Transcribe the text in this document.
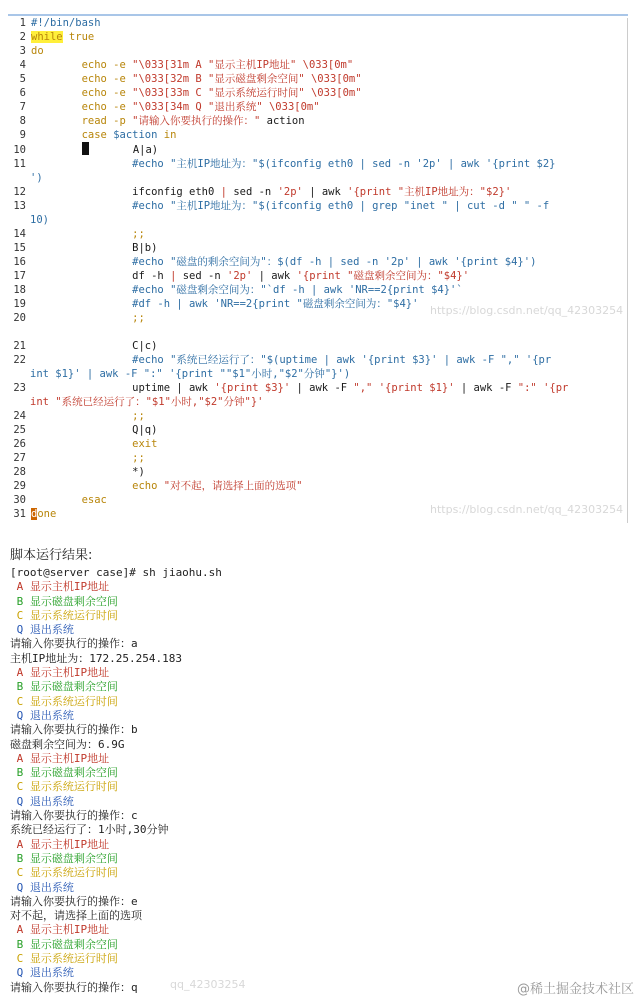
1 #!/bin/bash
2 while true
3 do
4        echo -e "\033[31m A "显示主机IP地址" \033[0m"
5        echo -e "\033[32m B "显示磁盘剩余空间" \033[0m"
6        echo -e "\033[33m C "显示系统运行时间" \033[0m"
7        echo -e "\033[34m Q "退出系统" \033[0m"
8        read -p "请输入你要执行的操作：" action
9        case $action in
10	A|a)
11                #echo "主机IP地址为："$(ifconfig eth0 | sed -n '2p' | awk '{print $2}
')
12                ifconfig eth0 | sed -n '2p' | awk '{print "主机IP地址为："$2}'
13                #echo "主机IP地址为："$(ifconfig eth0 | grep "inet " | cut -d " " -f
10)
14                ;;
15                B|b)
16                #echo "磁盘的剩余空间为"：$(df -h | sed -n '2p' | awk '{print $4}')
17                df -h | sed -n '2p' | awk '{print "磁盘剩余空间为："$4}'
18                #echo "磁盘剩余空间为："`df -h | awk 'NR==2{print $4}'`
19                #df -h | awk 'NR==2{print "磁盘剩余空间为："$4}'
20                ;;
21                C|c)
22                #echo "系统已经运行了："$(uptime | awk '{print $3}' | awk -F "," '{pr
int $1}' | awk -F ":" '{print ""$1"小时,"$2"分钟"}')
23                uptime | awk '{print $3}' | awk -F "," '{print $1}' | awk -F ":" '{pr
int "系统已经运行了："$1"小时,"$2"分钟"}'
24                ;;
25                Q|q)
26                exit
27                ;;
28                *)
29                echo "对不起，请选择上面的选项"
30        esac
31 done
https://blog.csdn.net/qq_42303254
https://blog.csdn.net/qq_42303254
脚本运行结果:
[root@server case]# sh jiaohu.sh
A 显示主机IP地址
B 显示磁盘剩余空间
C 显示系统运行时间
Q 退出系统
请输入你要执行的操作：a
主机IP地址为：172.25.254.183
A 显示主机IP地址
B 显示磁盘剩余空间
C 显示系统运行时间
Q 退出系统
请输入你要执行的操作：b
磁盘剩余空间为：6.9G
A 显示主机IP地址
B 显示磁盘剩余空间
C 显示系统运行时间
Q 退出系统
请输入你要执行的操作：c
系统已经运行了：1小时,30分钟
A 显示主机IP地址
B 显示磁盘剩余空间
C 显示系统运行时间
Q 退出系统
请输入你要执行的操作：e
对不起，请选择上面的选项
A 显示主机IP地址
B 显示磁盘剩余空间
C 显示系统运行时间
Q 退出系统
请输入你要执行的操作：q	qq_42303254	@稀土掘金技术社区
